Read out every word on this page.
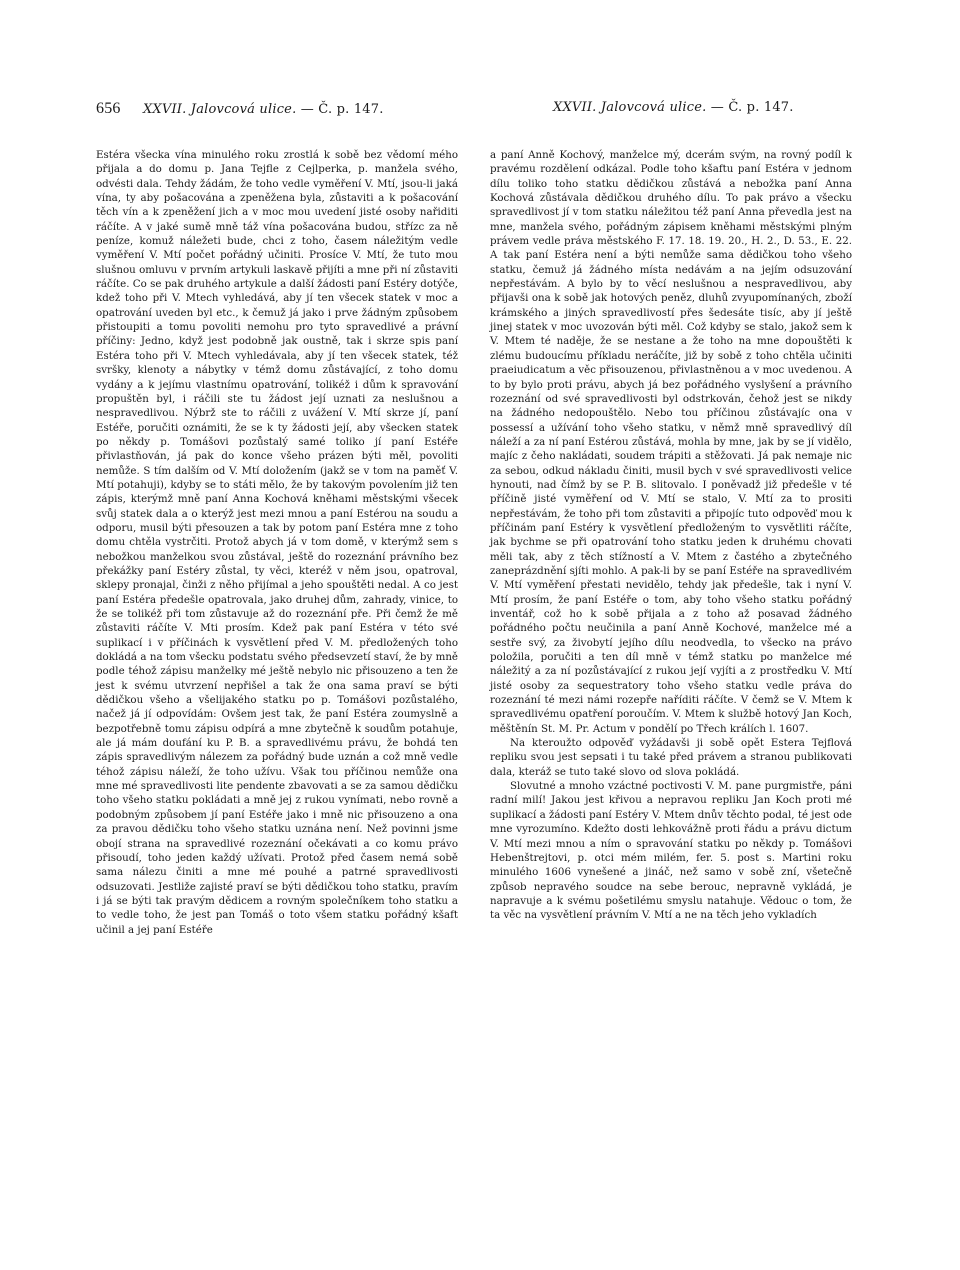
656 XXVII. Jalovcová ulice. — Č. p. 147.	XXVII. Jalovcová ulice. — Č. p. 147.

Estéra všecka vína minulého roku zrostlá k sobě bez vědomí mého přijala a do domu p. Jana Tejfle z Cejlperka, p. manžela svého, odvésti dala. Tehdy žádám, že toho vedle vyměření V. Mtí, jsou-li jaká vína, ty aby pošacována a zpeněžena byla, zůstaviti a k pošacování těch vín a k zpeněžení jich a v moc mou uvedení jisté osoby nařiditi ráčíte. A v jaké sumě mně táž vína pošacována budou, střízc za ně peníze, komuž náležeti bude, chci z toho, časem náležitým vedle vyměření V. Mtí počet pořádný učiniti. Prosíce V. Mtí, že tuto mou slušnou omluvu v prvním artykuli laskavě přijíti a mne při ní zůstaviti ráčíte. Co se pak druhého artykule a další žádosti paní Estéry dotýče, kdež toho při V. Mtech vyhledává, aby jí ten všecek statek v moc a opatrování uveden byl etc., k čemuž já jako i prve žádným způsobem přistoupiti a tomu povoliti nemohu pro tyto spravedlivé a právní příčiny: Jedno, když jest podobně jak oustně, tak i skrze spis paní Estéra toho při V. Mtech vyhledávala, aby jí ten všecek statek, též svršky, klenoty a nábytky v témž domu zůstávající, z toho domu vydány a k jejímu vlastnímu opatrování, tolikéž i dům k spravování propuštěn byl, i ráčili ste tu žádost její uznati za neslušnou a nespravedlivou. Nýbrž ste to ráčili z uvážení V. Mtí skrze jí, paní Estéře, poručiti oznámiti, že se k ty žádosti její, aby všecken statek po někdy p. Tomášovi pozůstalý samé toliko jí paní Estéře přivlastňován, já pak do konce všeho prázen býti měl, povoliti nemůže. S tím dalším od V. Mtí doložením (jakž se v tom na paměť V. Mtí potahuji), kdyby se to státi mělo, že by takovým povolením již ten zápis, kterýmž mně paní Anna Kochová kněhami městskými všecek svůj statek dala a o kterýž jest mezi mnou a paní Estérou na soudu a odporu, musil býti přesouzen a tak by potom paní Estéra mne z toho domu chtěla vystrčiti. Protož abych já v tom domě, v kterýmž sem s nebožkou manželkou svou zůstával, ještě do rozeznání právního bez překážky paní Estéry zůstal, ty věci, kteréž v něm jsou, opatroval, sklepy pronajal, činži z něho přijímal a jeho spouštěti nedal. A co jest paní Estéra předešle opatrovala, jako druhej dům, zahrady, vinice, to že se tolikéž při tom zůstavuje až do rozeznání pře. Při čemž že mě zůstaviti ráčíte V. Mti prosím. Kdež pak paní Estéra v této své suplikací i v příčinách k vysvětlení před V. M. předložených toho dokládá a na tom všecku podstatu svého předsevzetí staví, že by mně podle téhož zápisu manželky mé ještě nebylo nic přisouzeno a ten že jest k svému utvrzení nepřišel a tak že ona sama praví se býti dědičkou všeho a všelijakého statku po p. Tomášovi pozůstalého, načež já jí odpovídám: Ovšem jest tak, že paní Estéra zoumyslně a bezpotřebně tomu zápisu odpírá a mne zbytečně k soudům potahuje, ale já mám doufání ku P. B. a spravedlivému právu, že bohdá ten zápis spravedlivým nálezem za pořádný bude uznán a což mně vedle téhož zápisu náleží, že toho užívu. Však tou příčinou nemůže ona mne mé spravedlivosti lite pendente zbavovati a se za samou dědičku toho všeho statku pokládati a mně jej z rukou vynímati, nebo rovně a podobným způsobem jí paní Estéře jako i mně nic přisouzeno a ona za pravou dědičku toho všeho statku uznána není. Než povinni jsme obojí strana na spravedlivé rozeznání očekávati a co komu právo přisoudí, toho jeden každý užívati. Protož před časem nemá sobě sama nálezu činiti a mne mé pouhé a patrné spravedlivosti odsuzovati. Jestliže zajisté praví se býti dědičkou toho statku, pravím i já se býti tak pravým dědicem a rovným společníkem toho statku a to vedle toho, že jest pan Tomáš o toto všem statku pořádný kšaft učinil a jej paní Estéře

a paní Anně Kochový, manželce mý, dcerám svým, na rovný podíl k pravému rozdělení odkázal. Podle toho kšaftu paní Estéra v jednom dílu toliko toho statku dědičkou zůstává a nebožka paní Anna Kochová zůstávala dědičkou druhého dílu. To pak právo a všecku spravedlivost jí v tom statku náležitou též paní Anna převedla jest na mne, manžela svého, pořádným zápisem kněhami městskými plným právem vedle práva městského F. 17. 18. 19. 20., H. 2., D. 53., E. 22. A tak paní Estéra není a býti nemůže sama dědičkou toho všeho statku, čemuž já žádného místa nedávám a na jejím odsuzování nepřestávám. A bylo by to věcí neslušnou a nespravedlivou, aby přijavši ona k sobě jak hotových peněz, dluhů zvyupomínaných, zboží krámského a jiných spravedlivostí přes šedesáte tisíc, aby jí ještě jinej statek v moc uvozován býti měl. Což kdyby se stalo, jakož sem k V. Mtem té naděje, že se nestane a že toho na mne dopouštěti k zlému budoucímu příkladu neráčíte, již by sobě z toho chtěla učiniti praeiudicatum a věc přisouzenou, přivlastněnou a v moc uvedenou. A to by bylo proti právu, abych já bez pořádného vyslyšení a právního rozeznání od své spravedlivosti byl odstrkován, čehož jest se nikdy na žádného nedopouštělo. Nebo tou příčinou zůstávajíc ona v possessí a užívání toho všeho statku, v němž mně spravedlivý díl náleží a za ní paní Estérou zůstává, mohla by mne, jak by se jí vidělo, majíc z čeho nakládati, soudem trápiti a stěžovati. Já pak nemaje nic za sebou, odkud nákladu činiti, musil bych v své spravedlivosti velice hynouti, nad čímž by se P. B. slitovalo. I poněvadž již předešle v té příčině jisté vyměření od V. Mtí se stalo, V. Mtí za to prositi nepřestávám, že toho při tom zůstaviti a připojíc tuto odpověď mou k příčinám paní Estéry k vysvětlení předloženým to vysvětliti ráčíte, jak bychme se při opatrování toho statku jeden k druhému chovati měli tak, aby z těch stížností a V. Mtem z častého a zbytečného zaneprázdnění sjíti mohlo. A pak-li by se paní Estéře na spravedlivém V. Mtí vyměření přestati nevidělo, tehdy jak předešle, tak i nyní V. Mtí prosím, že paní Estéře o tom, aby toho všeho statku pořádný inventář, což ho k sobě přijala a z toho až posavad žádného pořádného počtu neučinila a paní Anně Kochové, manželce mé a sestře svý, za živobytí jejího dílu neodvedla, to všecko na právo položila, poručiti a ten díl mně v témž statku po manželce mé náležitý a za ní pozůstávající z rukou její vyjíti a z prostředku V. Mtí jisté osoby za sequestratory toho všeho statku vedle práva do rozeznání té mezi námi rozepře naříditi ráčíte. V čemž se V. Mtem k spravedlivému opatření poroučím. V. Mtem k službě hotový Jan Koch, měštěnín St. M. Pr. Actum v pondělí po Třech králích l. 1607.

Na kteroužto odpověď vyžádavši ji sobě opět Estera Tejflová repliku svou jest sepsati i tu také před právem a stranou publikovati dala, kteráž se tuto také slovo od slova pokládá.

Slovutné a mnoho vzáctné poctivosti V. M. pane purgmistře, páni radní milí! Jakou jest křivou a nepravou repliku Jan Koch proti mé suplikací a žádosti paní Estéry V. Mtem dnův těchto podal, té jest ode mne vyrozumíno. Kdežto dosti lehkovážně proti řádu a právu dictum V. Mtí mezi mnou a ním o spravování statku po někdy p. Tomášovi Hebenštrejtovi, p. otci mém milém, fer. 5. post s. Martini roku minulého 1606 vynešené a jináč, než samo v sobě zní, všetečně způsob nepravého soudce na sebe berouc, nepravně vykládá, je napravuje a k svému pošetilému smyslu natahuje. Vědouc o tom, že ta věc na vysvětlení právním V. Mtí a ne na těch jeho vykladích
